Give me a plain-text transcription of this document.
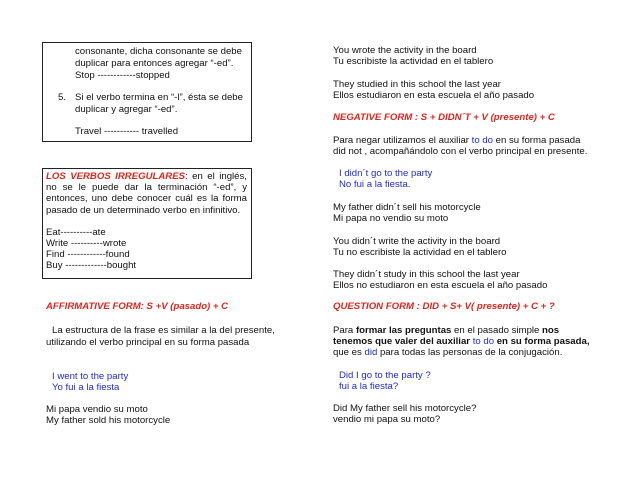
consonante, dicha consonante se debe
duplicar para entonces agregar “-ed”.
Stop ------------stopped
5. Si el verbo termina en “-l”, ésta se debe
duplicar y agregar “-ed”.
Travel ----------- travelled
LOS VERBOS IRREGULARES: en el inglés,
no se le puede dar la terminación “-ed”, y
entonces, uno debe conocer cuál es la forma
pasado de un determinado verbo en infinitivo.
Eat----------ate
Write ----------wrote
Find ------------found
Buy -------------bought
AFFIRMATIVE FORM: S +V (pasado) + C
La estructura de la frase es similar a la del presente,
utilizando el verbo principal en su forma pasada
I went to the party
Yo fui a la fiesta
Mi papa vendio su moto
My father sold his motorcycle
You wrote the activity in the board
Tu escribiste la actividad en el tablero
They studied in this school the last year
Ellos estudiaron en esta escuela el año pasado
NEGATIVE FORM : S + DIDN´T + V (presente) + C
Para negar utilizamos el auxiliar to do en su forma pasada
did not , acompañándolo con el verbo principal en presente.
I didn´t go to the party
No fui a la fiesta.
My father didn´t sell his motorcycle
Mi papa no vendio su moto
You didn´t write the activity in the board
Tu no escribiste la actividad en el tablero
They didn´t study in this school the last year
Ellos no estudiaron en esta escuela el año pasado
QUESTION FORM : DID + S+ V( presente) + C + ?
Para formar las preguntas en el pasado simple nos
tenemos que valer del auxiliar to do en su forma pasada,
que es did para todas las personas de la conjugación.
Did I go to the party ?
fui a la fiesta?
Did My father sell his motorcycle?
vendio mi papa su moto?
